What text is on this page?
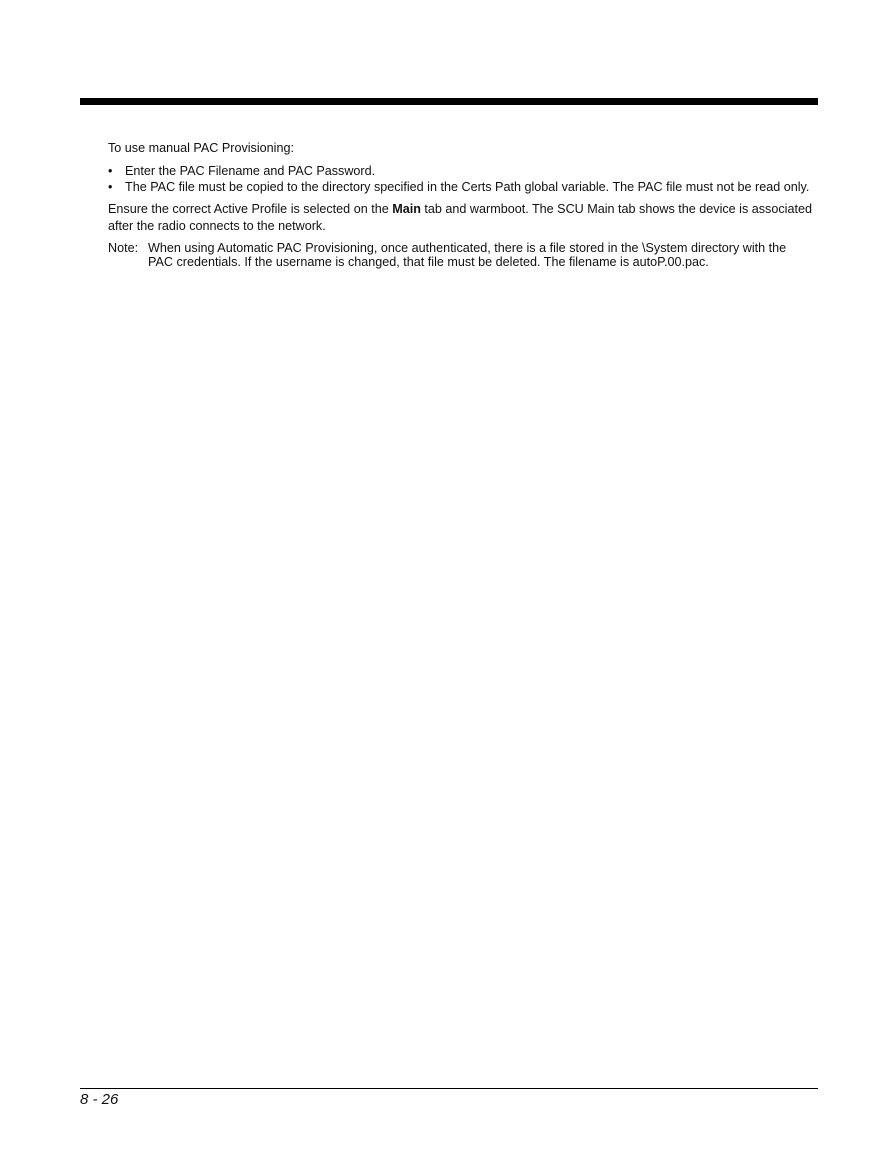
To use manual PAC Provisioning:

• Enter the PAC Filename and PAC Password.
• The PAC file must be copied to the directory specified in the Certs Path global variable. The PAC file must not be read only.

Ensure the correct Active Profile is selected on the Main tab and warmboot. The SCU Main tab shows the device is associated after the radio connects to the network.

Note: When using Automatic PAC Provisioning, once authenticated, there is a file stored in the \System directory with the PAC credentials. If the username is changed, that file must be deleted. The filename is autoP.00.pac.
8 - 26
